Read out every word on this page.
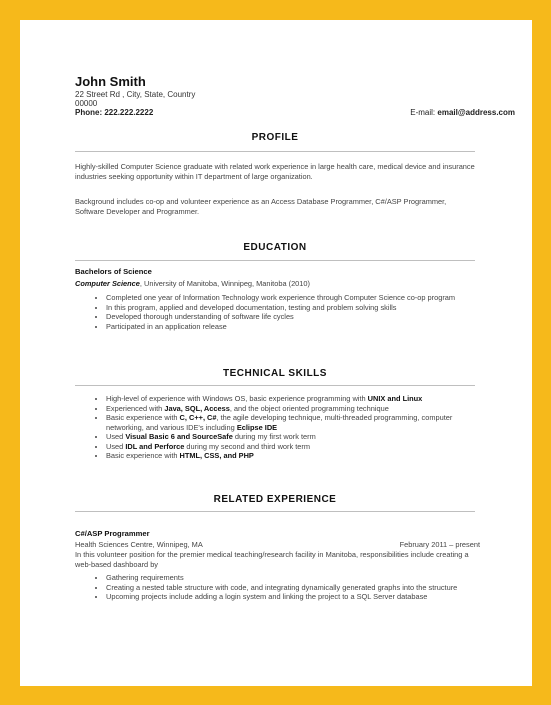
John Smith
22 Street Rd , City, State, Country
00000
Phone: 222.222.2222	E-mail: email@address.com
PROFILE
Highly-skilled Computer Science graduate with related work experience in large health care, medical device and insurance industries seeking opportunity within IT department of large organization.
Background includes co-op and volunteer experience as an Access Database Programmer, C#/ASP Programmer, Software Developer and Programmer.
EDUCATION
Bachelors of Science
Computer Science, University of Manitoba, Winnipeg, Manitoba (2010)
• Completed one year of Information Technology work experience through Computer Science co-op program
• In this program, applied and developed documentation, testing and problem solving skills
• Developed thorough understanding of software life cycles
• Participated in an application release
TECHNICAL SKILLS
• High-level of experience with Windows OS, basic experience programming with UNIX and Linux
• Experienced with Java, SQL, Access, and the object oriented programming technique
• Basic experience with C, C++, C#, the agile developing technique, multi-threaded programming, computer networking, and various IDE's including Eclipse IDE
• Used Visual Basic 6 and SourceSafe during my first work term
• Used IDL and Perforce during my second and third work term
• Basic experience with HTML, CSS, and PHP
RELATED EXPERIENCE
C#/ASP Programmer
Health Sciences Centre, Winnipeg, MA	February 2011 – present
In this volunteer position for the premier medical teaching/research facility in Manitoba, responsibilities include creating a web-based dashboard by
• Gathering requirements
• Creating a nested table structure with code, and integrating dynamically generated graphs into the structure
• Upcoming projects include adding a login system and linking the project to a SQL Server database
